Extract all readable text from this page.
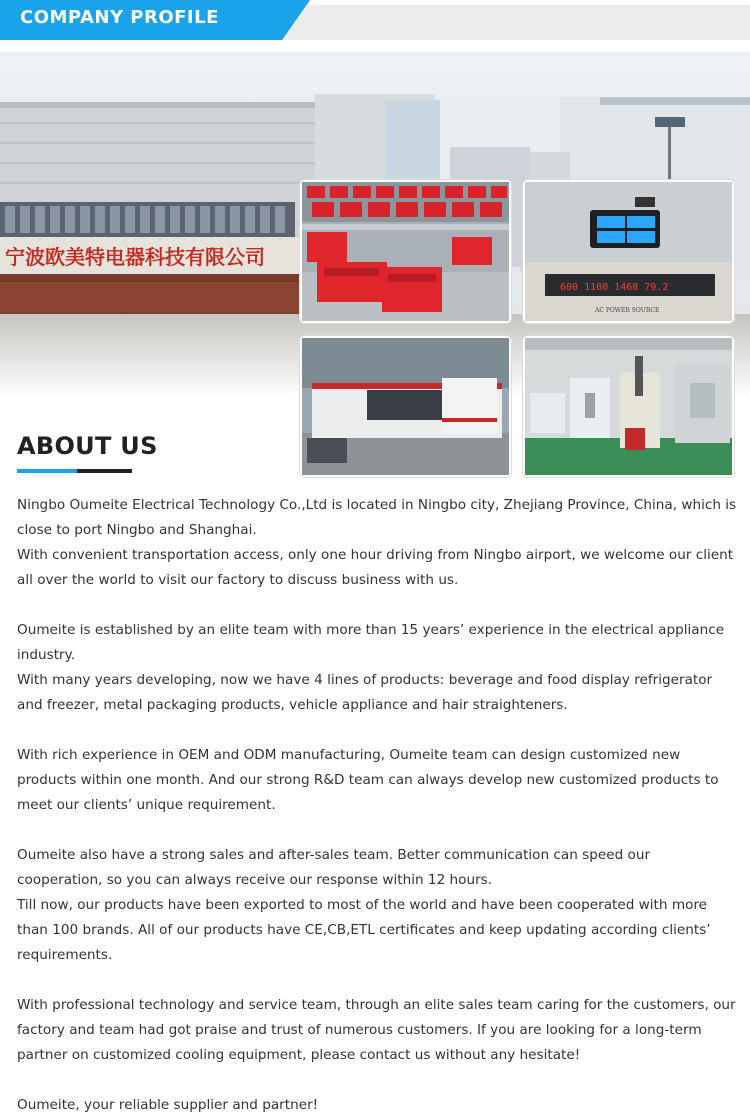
COMPANY PROFILE
600 1100 1468 79.2
AC POWER SOURCE
ABOUT US

Ningbo Oumeite Electrical Technology Co.,Ltd is located in Ningbo city, Zhejiang Province, China, which is close to port Ningbo and Shanghai.

With convenient transportation access, only one hour driving from Ningbo airport, we welcome our client all over the world to visit our factory to discuss business with us.

Oumeite is established by an elite team with more than 15 years’ experience in the electrical appliance industry.

With many years developing, now we have 4 lines of products: beverage and food display refrigerator and freezer, metal packaging products, vehicle appliance and hair straighteners.

With rich experience in OEM and ODM manufacturing, Oumeite team can design customized new products within one month. And our strong R&D team can always develop new customized products to meet our clients’ unique requirement.

Oumeite also have a strong sales and after-sales team. Better communication can speed our cooperation, so you can always receive our response within 12 hours.

Till now, our products have been exported to most of the world and have been cooperated with more than 100 brands. All of our products have CE,CB,ETL certificates and keep updating according clients’ requirements.

With professional technology and service team, through an elite sales team caring for the customers, our factory and team had got praise and trust of numerous customers. If you are looking for a long-term partner on customized cooling equipment, please contact us without any hesitate!

Oumeite, your reliable supplier and partner!
